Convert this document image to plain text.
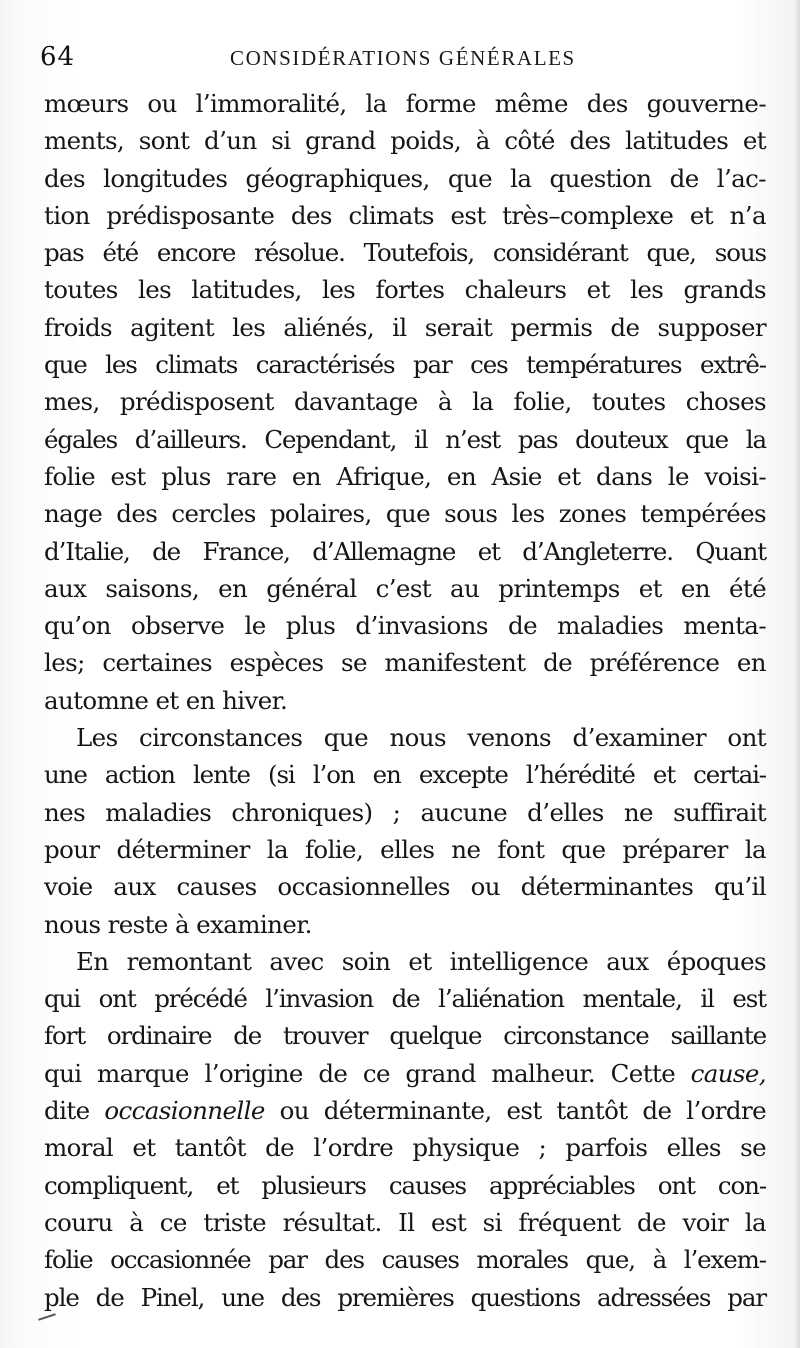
64	CONSIDÉRATIONS GÉNÉRALES
mœurs ou l’immoralité, la forme même des gouverne-
ments, sont d’un si grand poids, à côté des latitudes et
des longitudes géographiques, que la question de l’ac-
tion prédisposante des climats est très–complexe et n’a
pas été encore résolue. Toutefois, considérant que, sous
toutes les latitudes, les fortes chaleurs et les grands
froids agitent les aliénés, il serait permis de supposer
que les climats caractérisés par ces températures extrê-
mes, prédisposent davantage à la folie, toutes choses
égales d’ailleurs. Cependant, il n’est pas douteux que la
folie est plus rare en Afrique, en Asie et dans le voisi-
nage des cercles polaires, que sous les zones tempérées
d’Italie, de France, d’Allemagne et d’Angleterre. Quant
aux saisons, en général c’est au printemps et en été
qu’on observe le plus d’invasions de maladies menta-
les; certaines espèces se manifestent de préférence en
automne et en hiver.
Les circonstances que nous venons d’examiner ont
une action lente (si l’on en excepte l’hérédité et certai-
nes maladies chroniques) ; aucune d’elles ne suffirait
pour déterminer la folie, elles ne font que préparer la
voie aux causes occasionnelles ou déterminantes qu’il
nous reste à examiner.
En remontant avec soin et intelligence aux époques
qui ont précédé l’invasion de l’aliénation mentale, il est
fort ordinaire de trouver quelque circonstance saillante
qui marque l’origine de ce grand malheur. Cette cause,
dite occasionnelle ou déterminante, est tantôt de l’ordre
moral et tantôt de l’ordre physique ; parfois elles se
compliquent, et plusieurs causes appréciables ont con-
couru à ce triste résultat. Il est si fréquent de voir la
folie occasionnée par des causes morales que, à l’exem-
ple de Pinel, une des premières questions adressées par
